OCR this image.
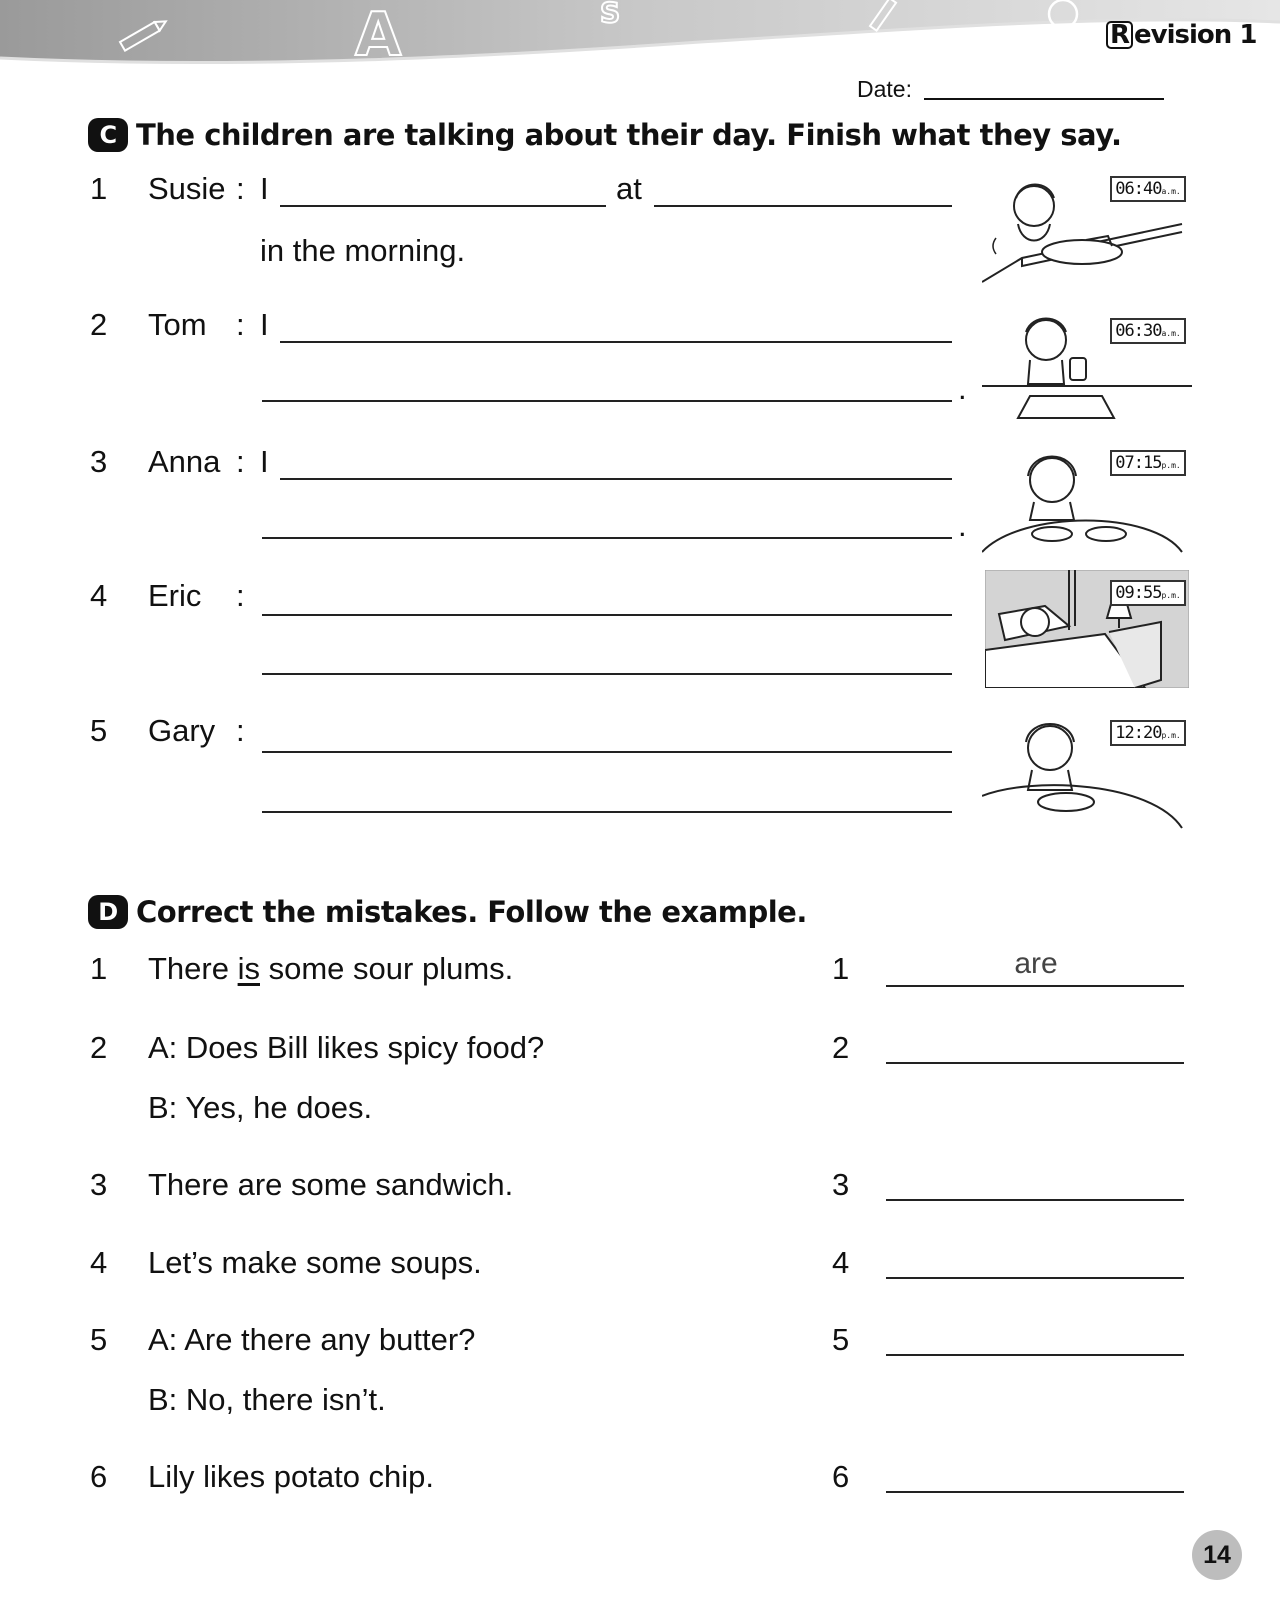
A	S
R evision 1
Date:
C The children are talking about their day. Finish what they say.
1 Susie : I	at
in the morning.
06:40a.m.
2 Tom : I
.
06:30a.m.
3 Anna : I
.
07:15p.m.
4 Eric :	09:55p.m.
5 Gary :	12:20p.m.
D Correct the mistakes. Follow the example.
1 There is some sour plums.	1	are
2 A: Does Bill likes spicy food?
B: Yes, he does.
2
3 There are some sandwich.	3
4 Let’s make some soups.	4
5 A: Are there any butter?
B: No, there isn’t.
5
6 Lily likes potato chip.	6
14
